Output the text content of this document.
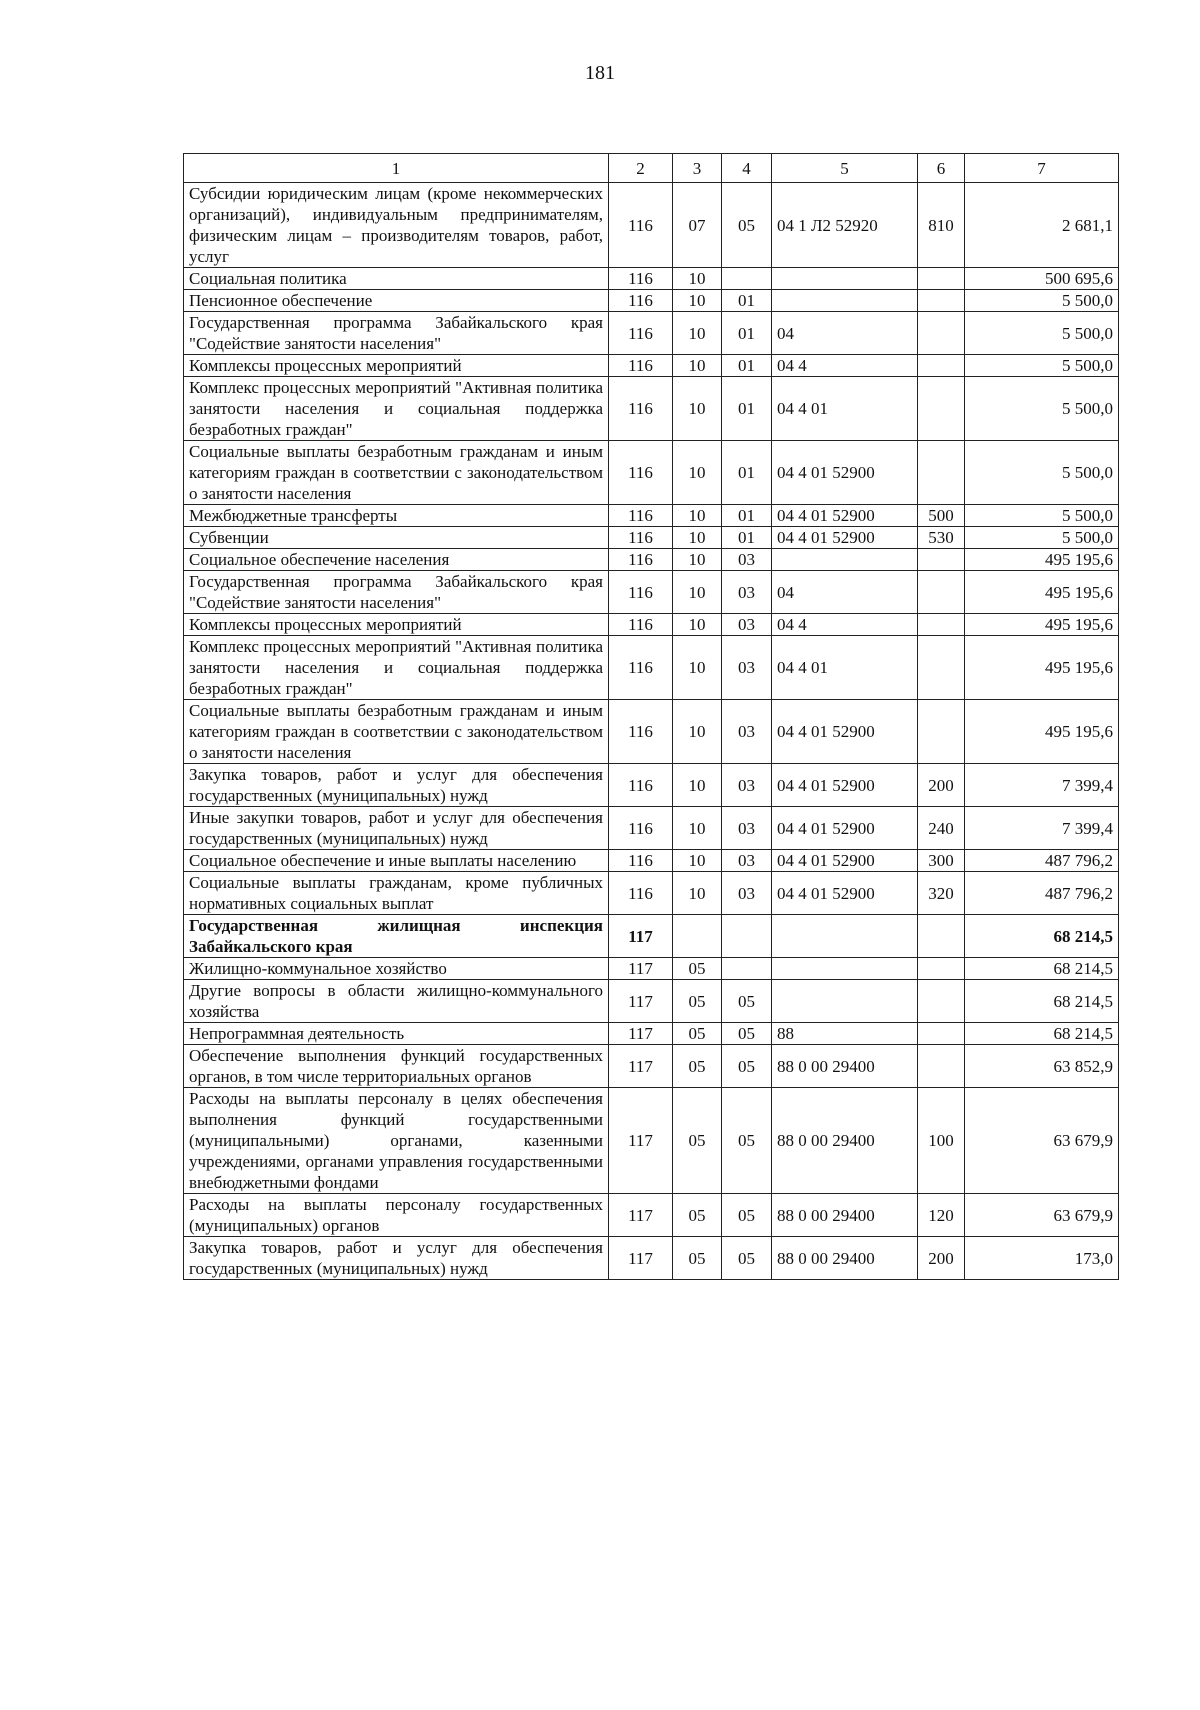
181
1	2	3	4	5	6	7
Субсидии юридическим лицам (кроме некоммерческих организаций), индивидуальным предпринимателям, физическим лицам – производителям товаров, работ, услуг	116	07	05	04 1 Л2 52920	810	2 681,1
Социальная политика	116	10				500 695,6
Пенсионное обеспечение	116	10	01			5 500,0
Государственная программа Забайкальского края "Содействие занятости населения"	116	10	01	04		5 500,0
Комплексы процессных мероприятий	116	10	01	04 4		5 500,0
Комплекс процессных мероприятий "Активная политика занятости населения и социальная поддержка безработных граждан"	116	10	01	04 4 01		5 500,0
Социальные выплаты безработным гражданам и иным категориям граждан в соответствии с законодательством о занятости населения	116	10	01	04 4 01 52900		5 500,0
Межбюджетные трансферты	116	10	01	04 4 01 52900	500	5 500,0
Субвенции	116	10	01	04 4 01 52900	530	5 500,0
Социальное обеспечение населения	116	10	03			495 195,6
Государственная программа Забайкальского края "Содействие занятости населения"	116	10	03	04		495 195,6
Комплексы процессных мероприятий	116	10	03	04 4		495 195,6
Комплекс процессных мероприятий "Активная политика занятости населения и социальная поддержка безработных граждан"	116	10	03	04 4 01		495 195,6
Социальные выплаты безработным гражданам и иным категориям граждан в соответствии с законодательством о занятости населения	116	10	03	04 4 01 52900		495 195,6
Закупка товаров, работ и услуг для обеспечения государственных (муниципальных) нужд	116	10	03	04 4 01 52900	200	7 399,4
Иные закупки товаров, работ и услуг для обеспечения государственных (муниципальных) нужд	116	10	03	04 4 01 52900	240	7 399,4
Социальное обеспечение и иные выплаты населению	116	10	03	04 4 01 52900	300	487 796,2
Социальные выплаты гражданам, кроме публичных нормативных социальных выплат	116	10	03	04 4 01 52900	320	487 796,2
Государственная жилищная инспекция Забайкальского края	117					68 214,5
Жилищно-коммунальное хозяйство	117	05				68 214,5
Другие вопросы в области жилищно-коммунального хозяйства	117	05	05			68 214,5
Непрограммная деятельность	117	05	05	88		68 214,5
Обеспечение выполнения функций государственных органов, в том числе территориальных органов	117	05	05	88 0 00 29400		63 852,9
Расходы на выплаты персоналу в целях обеспечения выполнения функций государственными (муниципальными) органами, казенными учреждениями, органами управления государственными внебюджетными фондами	117	05	05	88 0 00 29400	100	63 679,9
Расходы на выплаты персоналу государственных (муниципальных) органов	117	05	05	88 0 00 29400	120	63 679,9
Закупка товаров, работ и услуг для обеспечения государственных (муниципальных) нужд	117	05	05	88 0 00 29400	200	173,0
